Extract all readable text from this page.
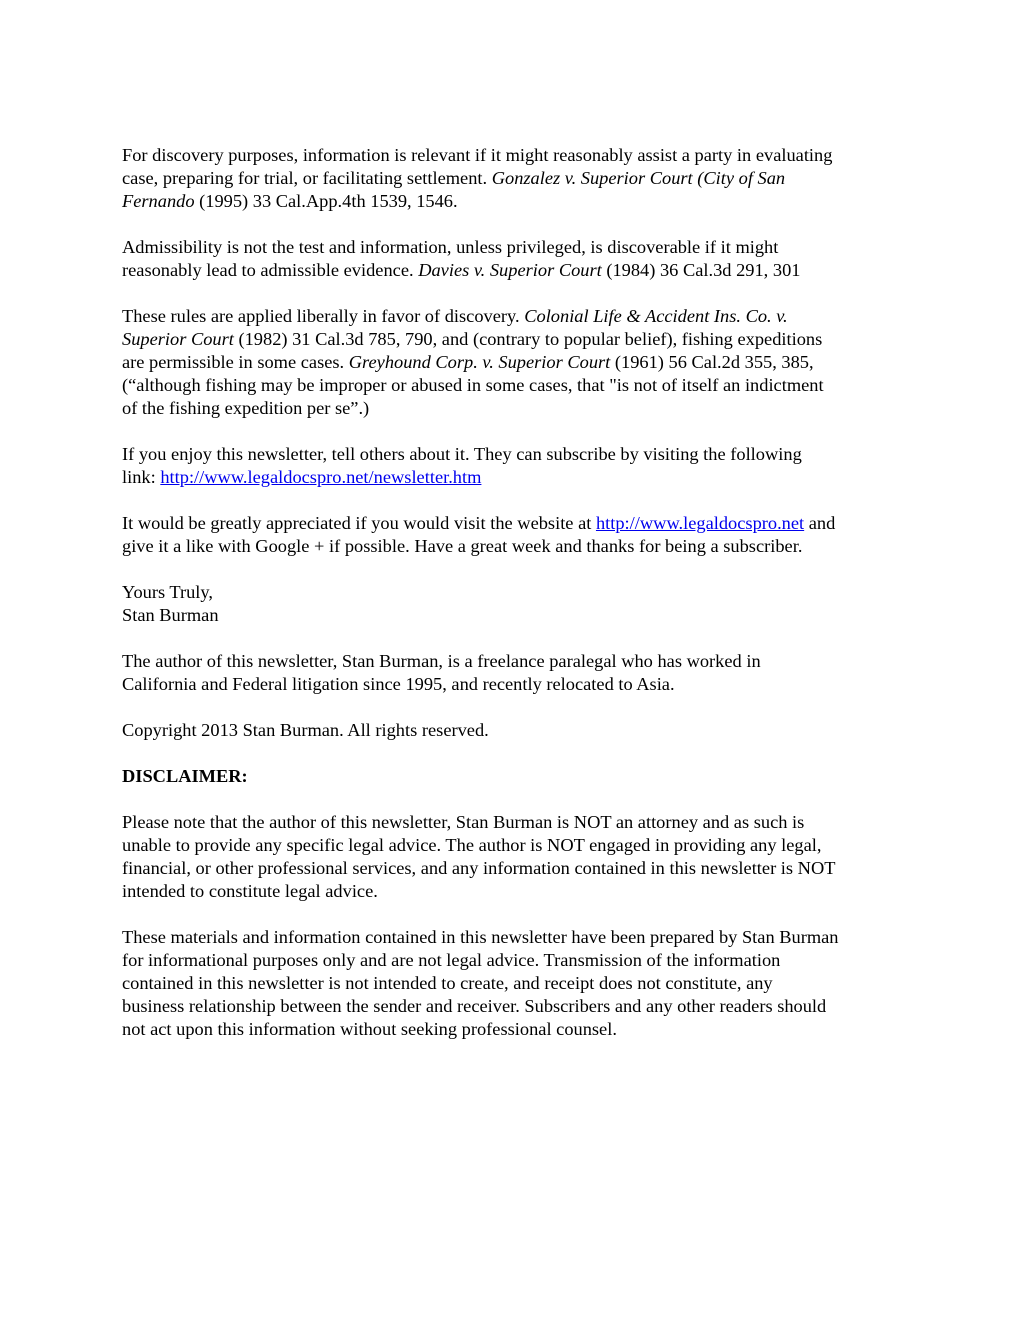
For discovery purposes, information is relevant if it might reasonably assist a party in evaluating
case, preparing for trial, or facilitating settlement. Gonzalez v. Superior Court (City of San
Fernando (1995) 33 Cal.App.4th 1539, 1546.
Admissibility is not the test and information, unless privileged, is discoverable if it might
reasonably lead to admissible evidence. Davies v. Superior Court (1984) 36 Cal.3d 291, 301
These rules are applied liberally in favor of discovery. Colonial Life & Accident Ins. Co. v.
Superior Court (1982) 31 Cal.3d 785, 790, and (contrary to popular belief), fishing expeditions
are permissible in some cases. Greyhound Corp. v. Superior Court (1961) 56 Cal.2d 355, 385,
(“although fishing may be improper or abused in some cases, that "is not of itself an indictment
of the fishing expedition per se”.)
If you enjoy this newsletter, tell others about it. They can subscribe by visiting the following
link: http://www.legaldocspro.net/newsletter.htm
It would be greatly appreciated if you would visit the website at http://www.legaldocspro.net and
give it a like with Google + if possible. Have a great week and thanks for being a subscriber.
Yours Truly,
Stan Burman
The author of this newsletter, Stan Burman, is a freelance paralegal who has worked in
California and Federal litigation since 1995, and recently relocated to Asia.
Copyright 2013 Stan Burman. All rights reserved.
DISCLAIMER:
Please note that the author of this newsletter, Stan Burman is NOT an attorney and as such is
unable to provide any specific legal advice. The author is NOT engaged in providing any legal,
financial, or other professional services, and any information contained in this newsletter is NOT
intended to constitute legal advice.
These materials and information contained in this newsletter have been prepared by Stan Burman
for informational purposes only and are not legal advice. Transmission of the information
contained in this newsletter is not intended to create, and receipt does not constitute, any
business relationship between the sender and receiver. Subscribers and any other readers should
not act upon this information without seeking professional counsel.
